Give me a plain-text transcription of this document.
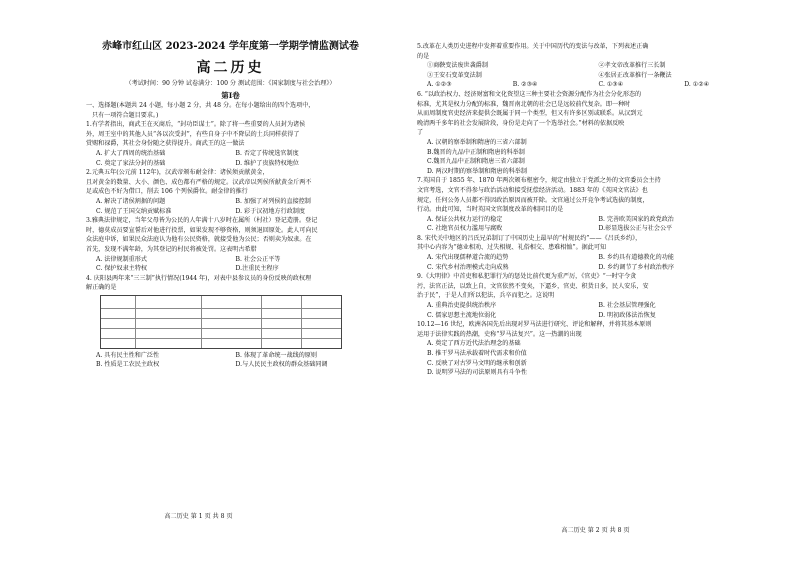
赤峰市红山区 2023-2024 学年度第一学期学情监测试卷
高二历史
（考试时间：90 分钟 试卷满分：100 分 测试范围：《国家制度与社会治理》）
第Ⅰ卷

一、选择题(本题共 24 小题，每小题 2 分，共 48 分。在每小题给出的四个选项中，

只有一项符合题目要求。)

1.有学者指出，商武王在灭商后，“封功臣谋士”。除了将一些重要的人员封为诸侯

外，周王室中的其他人员“各以次受封”，有些自身子中不降层的土兵同样获得了

赏赐和禄爵，其社会身份随之获得提升。商武王的这一做法

A. 扩大了西周的统治基础	B. 否定了传统选官制度
C. 奠定了家法分封的基础	D. 维护了贵族特权地位

2.元典五年(公元前 112年)，汉武帝颁布耐金律：诸侯须贡献黄金，

且对黄金的数量、大小、颜色、成色都有严格的规定。汉武帝以列侯所献黄金斤两不

足或成色不好为借口，削去 106 个列侯爵位。耐金律的推行

A. 解决了诸侯割据的问题	B. 加强了对列侯的直接控制
C. 规范了王国交纳贡赋标准	D. 彩于汉初地方行政制度

3.雅典法律规定，当年父母皆为公民的人年满十八岁时在属所（村社）登记造册。登记

时，德莫成员要宣誓后对他进行投票，如果发现不够资格，则须退回原处。此人可向民

众法庭申诉，如果民众法庭认为他有公民资格，就接受他为公民；否则卖为奴隶。在

首先，发现不满年龄，为其登记的村民将被处罚。这表明古希腊

A. 法律规制重形式	B. 社会公正平等
C. 保护奴隶主特权	D.注重民主程序

4. 庆阳县两年来“三三制”执行情况(1944 年)，对表中县参议员的身份反映的政权理

解正确的是

A. 具有民主性和广泛性	B. 体现了革命统一战线的原则
B. 性质是工农民主政权	D.与人民民主政权的群众基础同调
高二历史 第 1 页 共 8 页

5.改革在人类历史进程中发挥着重要作用。关于中国历代的变法与改革，下列表述正确

的是

①商鞅变法废世袭爵制	②孝文帝改革推行三长制
③王安石变革变法制	④张居正改革推行一条鞭法
A. ①②③	B. ②③④	C. ①③④	D. ①②④

6. “以政治权力、经济财富和文化资望这三种主要社会资源分配作为社会分化形态的

标准，尤其是权力分配的标准，魏晋南北朝的社会已是远较前代复杂。即一种时

从而周制度官吏经济来提供会既属于同一个类型，但又有许多区别或联系。从汉到元

晚清两千多年的社会发展阶段，身份是走向了一个选举社会。”材料的依据反映

了

A. 汉朝的察举制和隋唐的三省六部制
B.魏晋的九品中正制和隋唐的科举制
C.魏晋九品中正制和隋唐三省六部制
D. 两汉时期的察举制和隋唐的科举制

7.英国自于 1855 年、1870 年两次颁布枢密令，规定由独立于党派之外的文官委员会主持

文官考选，文官不得参与政治活动和接受抚偿经济活动。1883 年的《英国文官法》也

规定，任何公务人员都不得因政治原因而被开除。文官通过公开竞争考试选拔的制度，

行动。由此可知，当时英国文官制度改革的相同目的是

A. 保证公共权力运行的稳定	B. 完善欧美国家的政党政治
C. 社绝官员权力滥用与腐败	D.彰显选拔公正与社会公平

8. 宋代关中地区的吕氏兄弟制订了中国历史上最早的“村规民约”——《吕氏乡约》，

其中心内容为“德业相劝、过失相规、礼俗相交、患难相恤”。据此可知

A. 宋代出现儒释道合流的趋势	B. 乡约具有道德教化的功能
C. 宋代乡村治理模式走向成熟	D. 乡约调节了乡村政治秩序

9.《大明律》中首吏和私犯罪行为的惩处比前代更为重严厉，《官吏》“一时守令贪

污，法官正法，以致上自，文官依然不变矣，下逼乡，官吏、积货日多，民人安乐，安

治于民”，于是人们所以犯法，兵卒而犯之。这说明

A. 重典治吏提供统治秩序	B. 社会基层管理强化
C. 儒家思想主流地位弱化	D. 明初政体法治恢复

10.12—16 世纪，欧洲各国先后出现对罗马法进行研究、评论和解释，并将其基本原则

运用于法律实践的热潮，史称“罗马法复兴”。这一热潮的出现

A. 奠定了西方近代法治理念的基础
B. 推干罗马法承载着时代需求和价值
C. 反映了对古罗马文明的继承和创新
D. 说明罗马法的司法原则具有斗争性
高二历史 第 2 页 共 8 页
